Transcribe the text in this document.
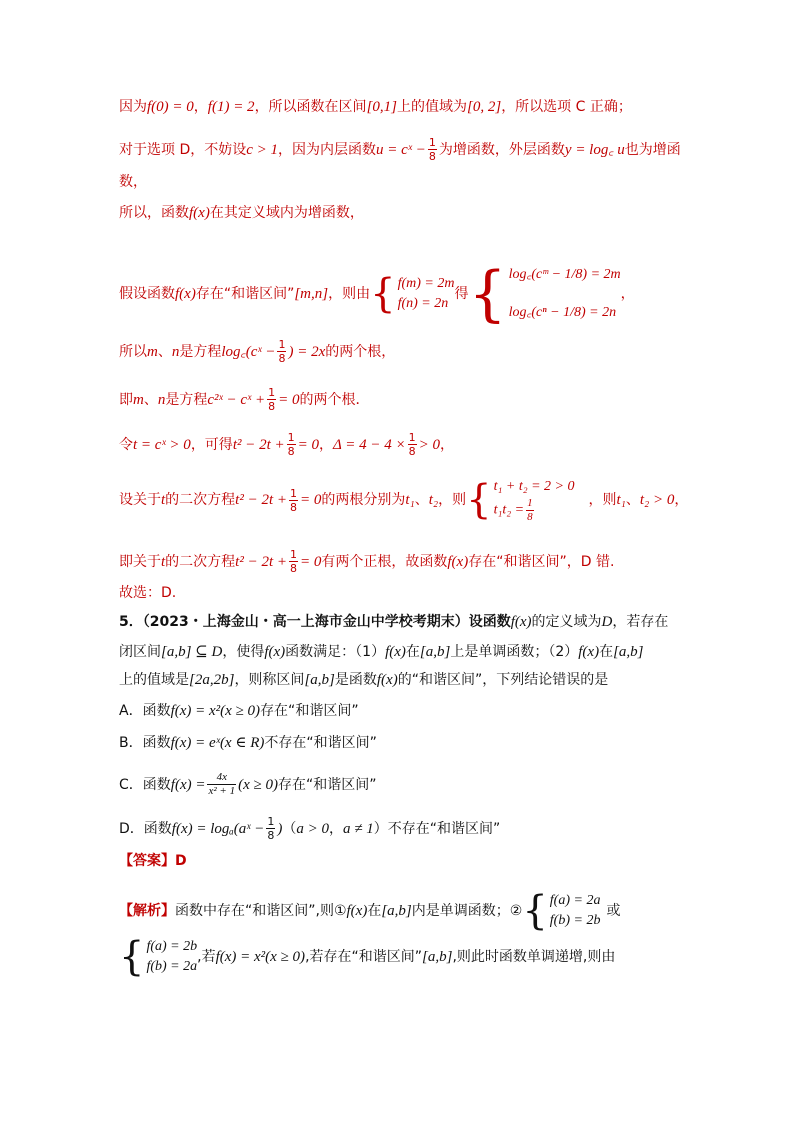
因为 f(0) = 0 ， f(1) = 2 ，所以函数在区间 [0,1] 上的值域为 [0, 2] ，所以选项 C 正确；
对于选项 D，不妨设 c > 1 ，因为内层函数 u = cˣ − $\frac{1}{8}$ 为增函数，外层函数 y = log꜀ u 也为增函
数，
所以，函数 f(x) 在其定义域内为增函数，
假设函数 f(x) 存在“和谐区间” [m,n] ，则由 { f(m) = 2m
f(n) = 2n
得 { log꜀(cᵐ − 1/8) = 2m
log꜀(cⁿ − 1/8) = 2n
，
所以 m 、 n 是方程 log꜀(cˣ − $\frac{1}{8}$ ) = 2x 的两个根，
即 m 、 n 是方程 c²ˣ − cˣ + $\frac{1}{8} = 0$ 的两个根．
令 t = cˣ > 0 ，可得 $t^2 - 2t + \frac{1}{8} = 0$ ， $\Delta = 4 - 4 \times \frac{1}{8} > 0$ ，
设关于 t 的二次方程 $t^2 - 2t + \frac{1}{8} = 0$ 的两根分别为 t₁ 、 t₂ ，则 { t₁ + t₂ = 2 > 0
$t_1t_2 = \frac{1}{8}$	，则 t₁ 、 t₂ > 0 ，
即关于 t 的二次方程 $t^2 - 2t + \frac{1}{8} = 0$ 有两个正根，故函数 f(x) 存在“和谐区间”，D 错.
故选：D.
5．（2023・上海金山・高一上海市金山中学校考期末）设函数 f(x) 的定义域为 D ，若存在
闭区间 [a,b] ⊆ D ，使得 f(x) 函数满足：（1） f(x) 在 [a,b] 上是单调函数；（2） f(x) 在 [a,b]
上的值域是 [2a,2b] ，则称区间 [a,b] 是函数 f(x) 的“和谐区间”，下列结论错误的是
A．函数 f(x) = x²(x ≥ 0) 存在“和谐区间”
B．函数 f(x) = eˣ(x ∈ R) 不存在“和谐区间”
C．函数 $f(x) = \frac{4x}{\text{x² + 1}} (x \ge 0)$ 存在“和谐区间”
D．函数 f(x) = logₐ(aˣ − $\frac{1}{8}$ ) （ a > 0 ， a ≠ 1 ）不存在“和谐区间”
【答案】D
【解析】 函数中存在“和谐区间”,则① f(x) 在 [a,b] 内是单调函数；② { f(a) = 2a
f(b) = 2b
或
{ f(a) = 2b
f(b) = 2a
,若 f(x) = x²(x ≥ 0) ,若存在“和谐区间” [a,b] ,则此时函数单调递增,则由
